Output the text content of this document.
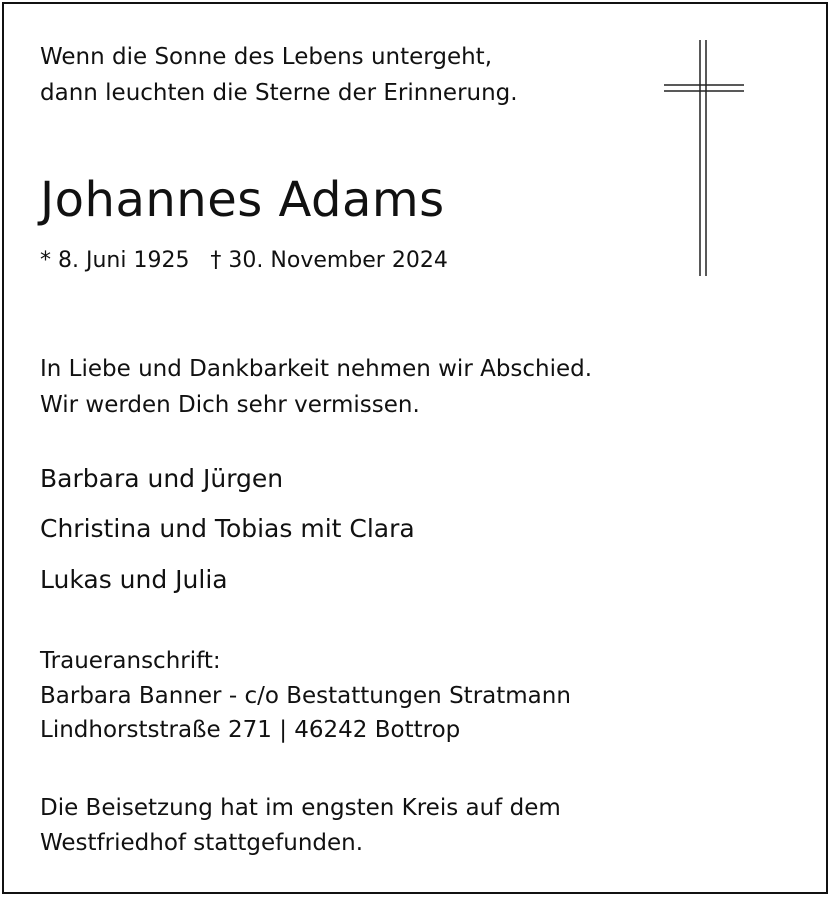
Wenn die Sonne des Lebens untergeht,
dann leuchten die Sterne der Erinnerung.
Johannes Adams
* 8. Juni 1925   † 30. November 2024
In Liebe und Dankbarkeit nehmen wir Abschied.
Wir werden Dich sehr vermissen.
Barbara und Jürgen
Christina und Tobias mit Clara
Lukas und Julia
Traueranschrift:
Barbara Banner - c/o Bestattungen Stratmann
Lindhorststraße 271 | 46242 Bottrop
Die Beisetzung hat im engsten Kreis auf dem
Westfriedhof stattgefunden.
